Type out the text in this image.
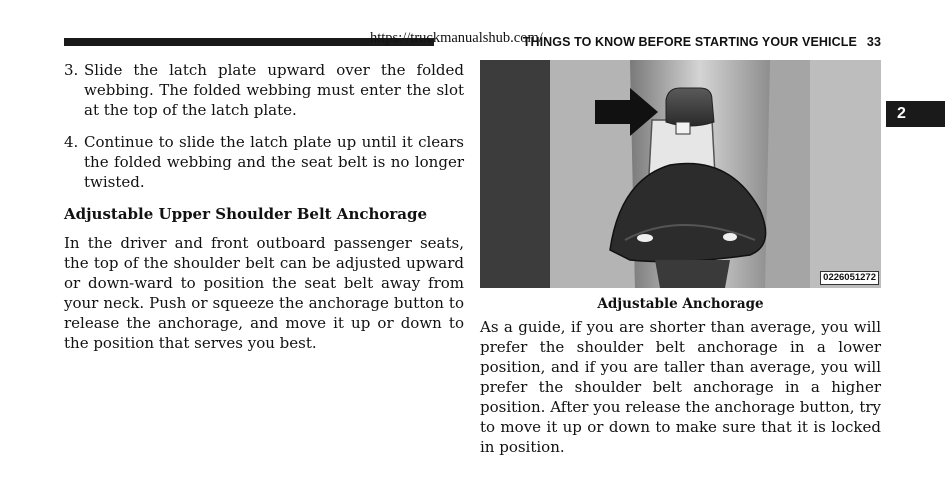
https://truckmanualshub.com/
THINGS TO KNOW BEFORE STARTING YOUR VEHICLE 33
2
3. Slide the latch plate upward over the folded webbing. The folded webbing must enter the slot at the top of the latch plate.
4. Continue to slide the latch plate up until it clears the folded webbing and the seat belt is no longer twisted.
Adjustable Upper Shoulder Belt Anchorage

In the driver and front outboard passenger seats, the top of the shoulder belt can be adjusted upward or down-ward to position the seat belt away from your neck. Push or squeeze the anchorage button to release the anchorage, and move it up or down to the position that serves you best.

0226051272
Adjustable Anchorage

As a guide, if you are shorter than average, you will prefer the shoulder belt anchorage in a lower position, and if you are taller than average, you will prefer the shoulder belt anchorage in a higher position. After you release the anchorage button, try to move it up or down to make sure that it is locked in position.
